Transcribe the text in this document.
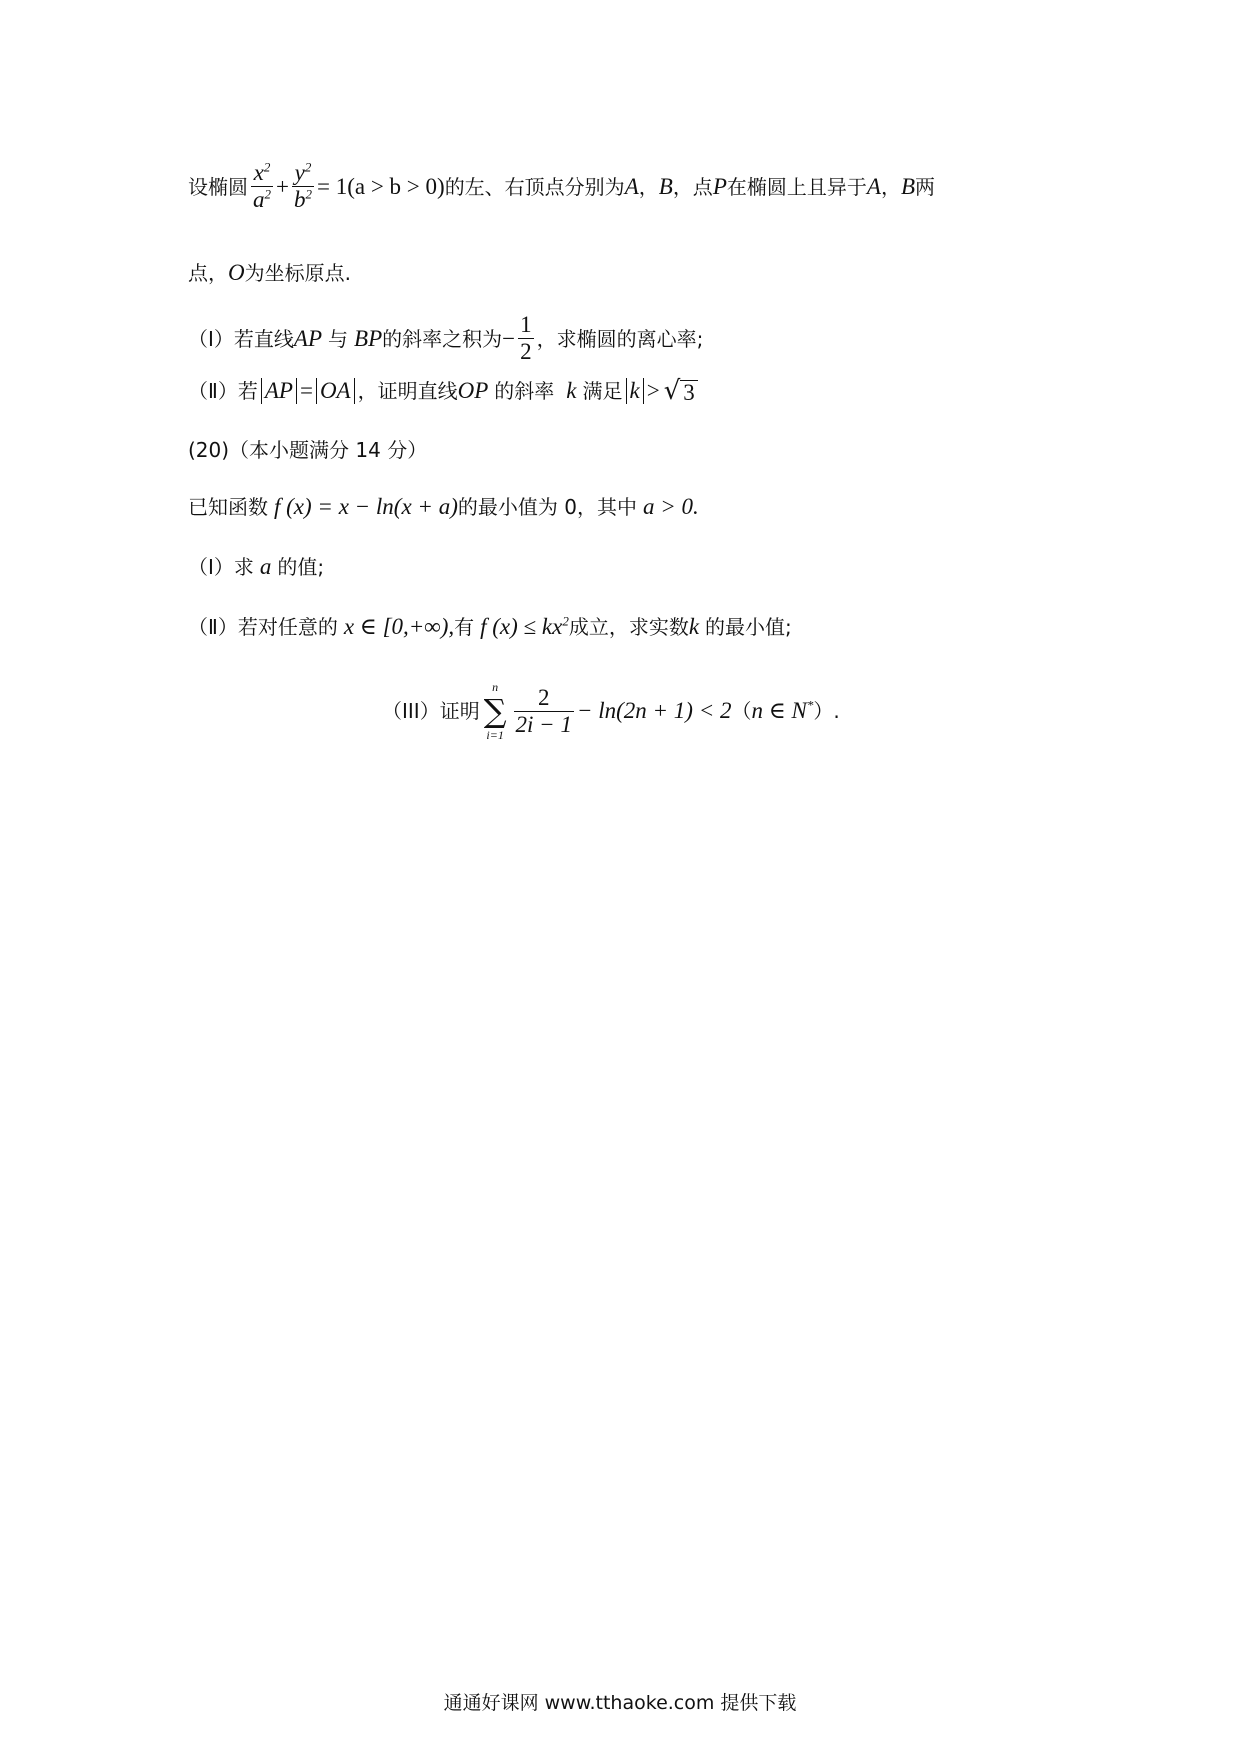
设椭圆 $\frac{x^2}{a^2} + \frac{y^2}{b^2} = 1(a > b > 0)$ 的左、右顶点分别为 A ， B ，点 P 在椭圆上且异于 A ， B 两
点， O 为坐标原点.
（Ⅰ）若直线 AP 与 BP 的斜率之积为 − $\frac{1}{2}$ ，求椭圆的离心率;
（Ⅱ）若 AP = OA ，证明直线 OP 的斜率 k 满足 k > √ 3
(20)（本小题满分 14 分）
已知函数 f (x) = x − ln(x + a) 的最小值为 0，其中 a > 0.
（Ⅰ）求 a 的值;
（Ⅱ）若对任意的 x ∈ [0,+∞), 有 f $(x) \le kx^2$ 成立，求实数 k 的最小值;
（III）证明
n
∑
$i=1 \frac{2}{2i - 1} - \ln(2n + 1) < 2$ （ n ∈ N* ）.
通通好课网 www.tthaoke.com 提供下载
